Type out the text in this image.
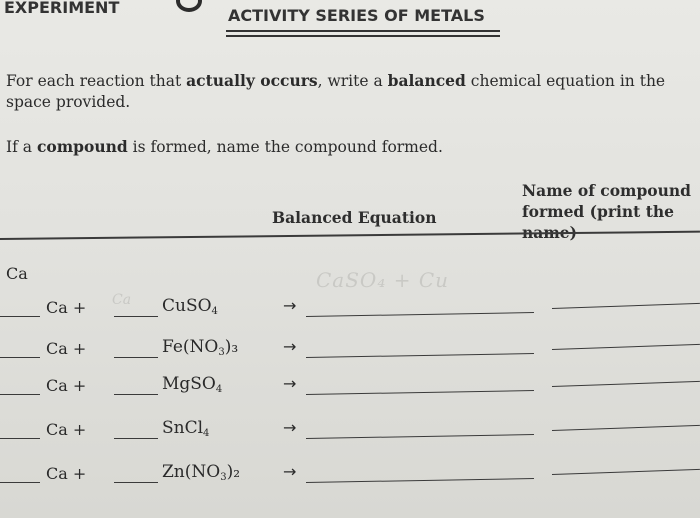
EXPERIMENT	ACTIVITY SERIES OF METALS
For each reaction that actually occurs, write a balanced chemical equation in the space provided.
If a compound is formed, name the compound formed.
Name of compound
formed (print the name)
Balanced Equation
Ca	CaSO₄ + Cu
Ca
Ca +	CuSO$_4$	→
Ca +	$Fe(NO_3)_3$	→
Ca +	MgSO$_4$	→
Ca +	SnCl$_4$	→
Ca +	$Zn(NO_3)_2$	→
